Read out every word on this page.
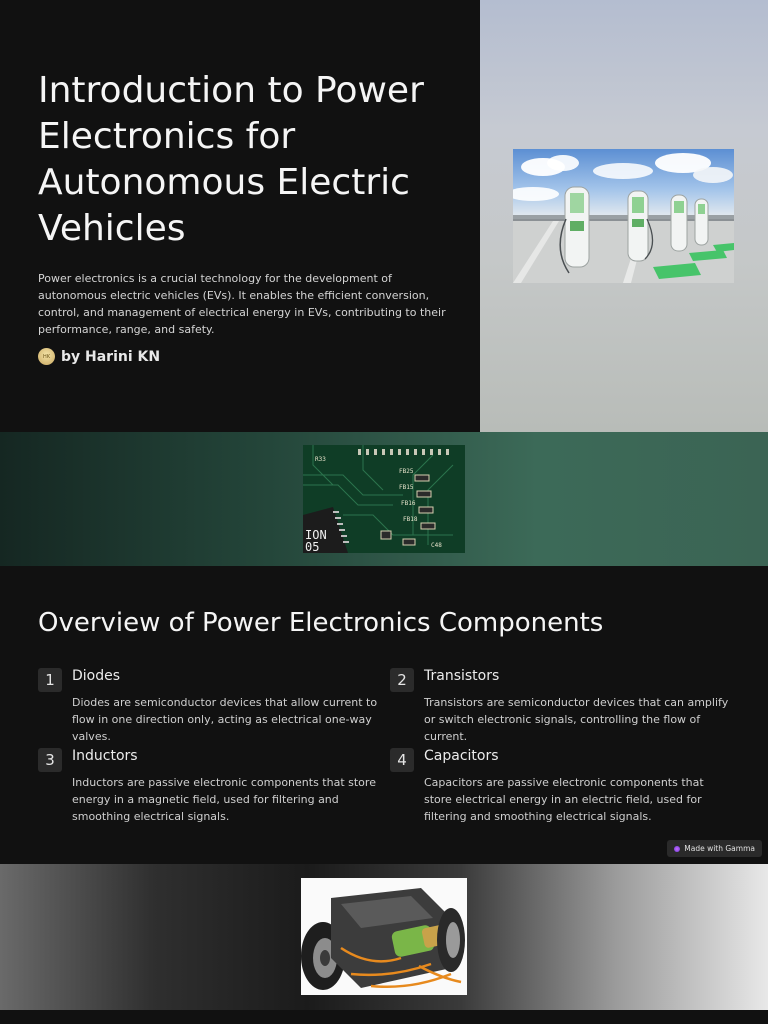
Introduction to Power Electronics for Autonomous Electric Vehicles

Power electronics is a crucial technology for the development of autonomous electric vehicles (EVs). It enables the efficient conversion, control, and management of electrical energy in EVs, contributing to their performance, range, and safety.

HK by Harini KN
FB25
FB15
FB16
FB18
C48
R33
ION
05
Overview of Power Electronics Components
1	Diodes

Diodes are semiconductor devices that allow current to flow in one direction only, acting as electrical one-way valves.

2	Transistors

Transistors are semiconductor devices that can amplify or switch electronic signals, controlling the flow of current.

3	Inductors

Inductors are passive electronic components that store energy in a magnetic field, used for filtering and smoothing electrical signals.

4	Capacitors

Capacitors are passive electronic components that store electrical energy in an electric field, used for filtering and smoothing electrical signals.

Made with Gamma
